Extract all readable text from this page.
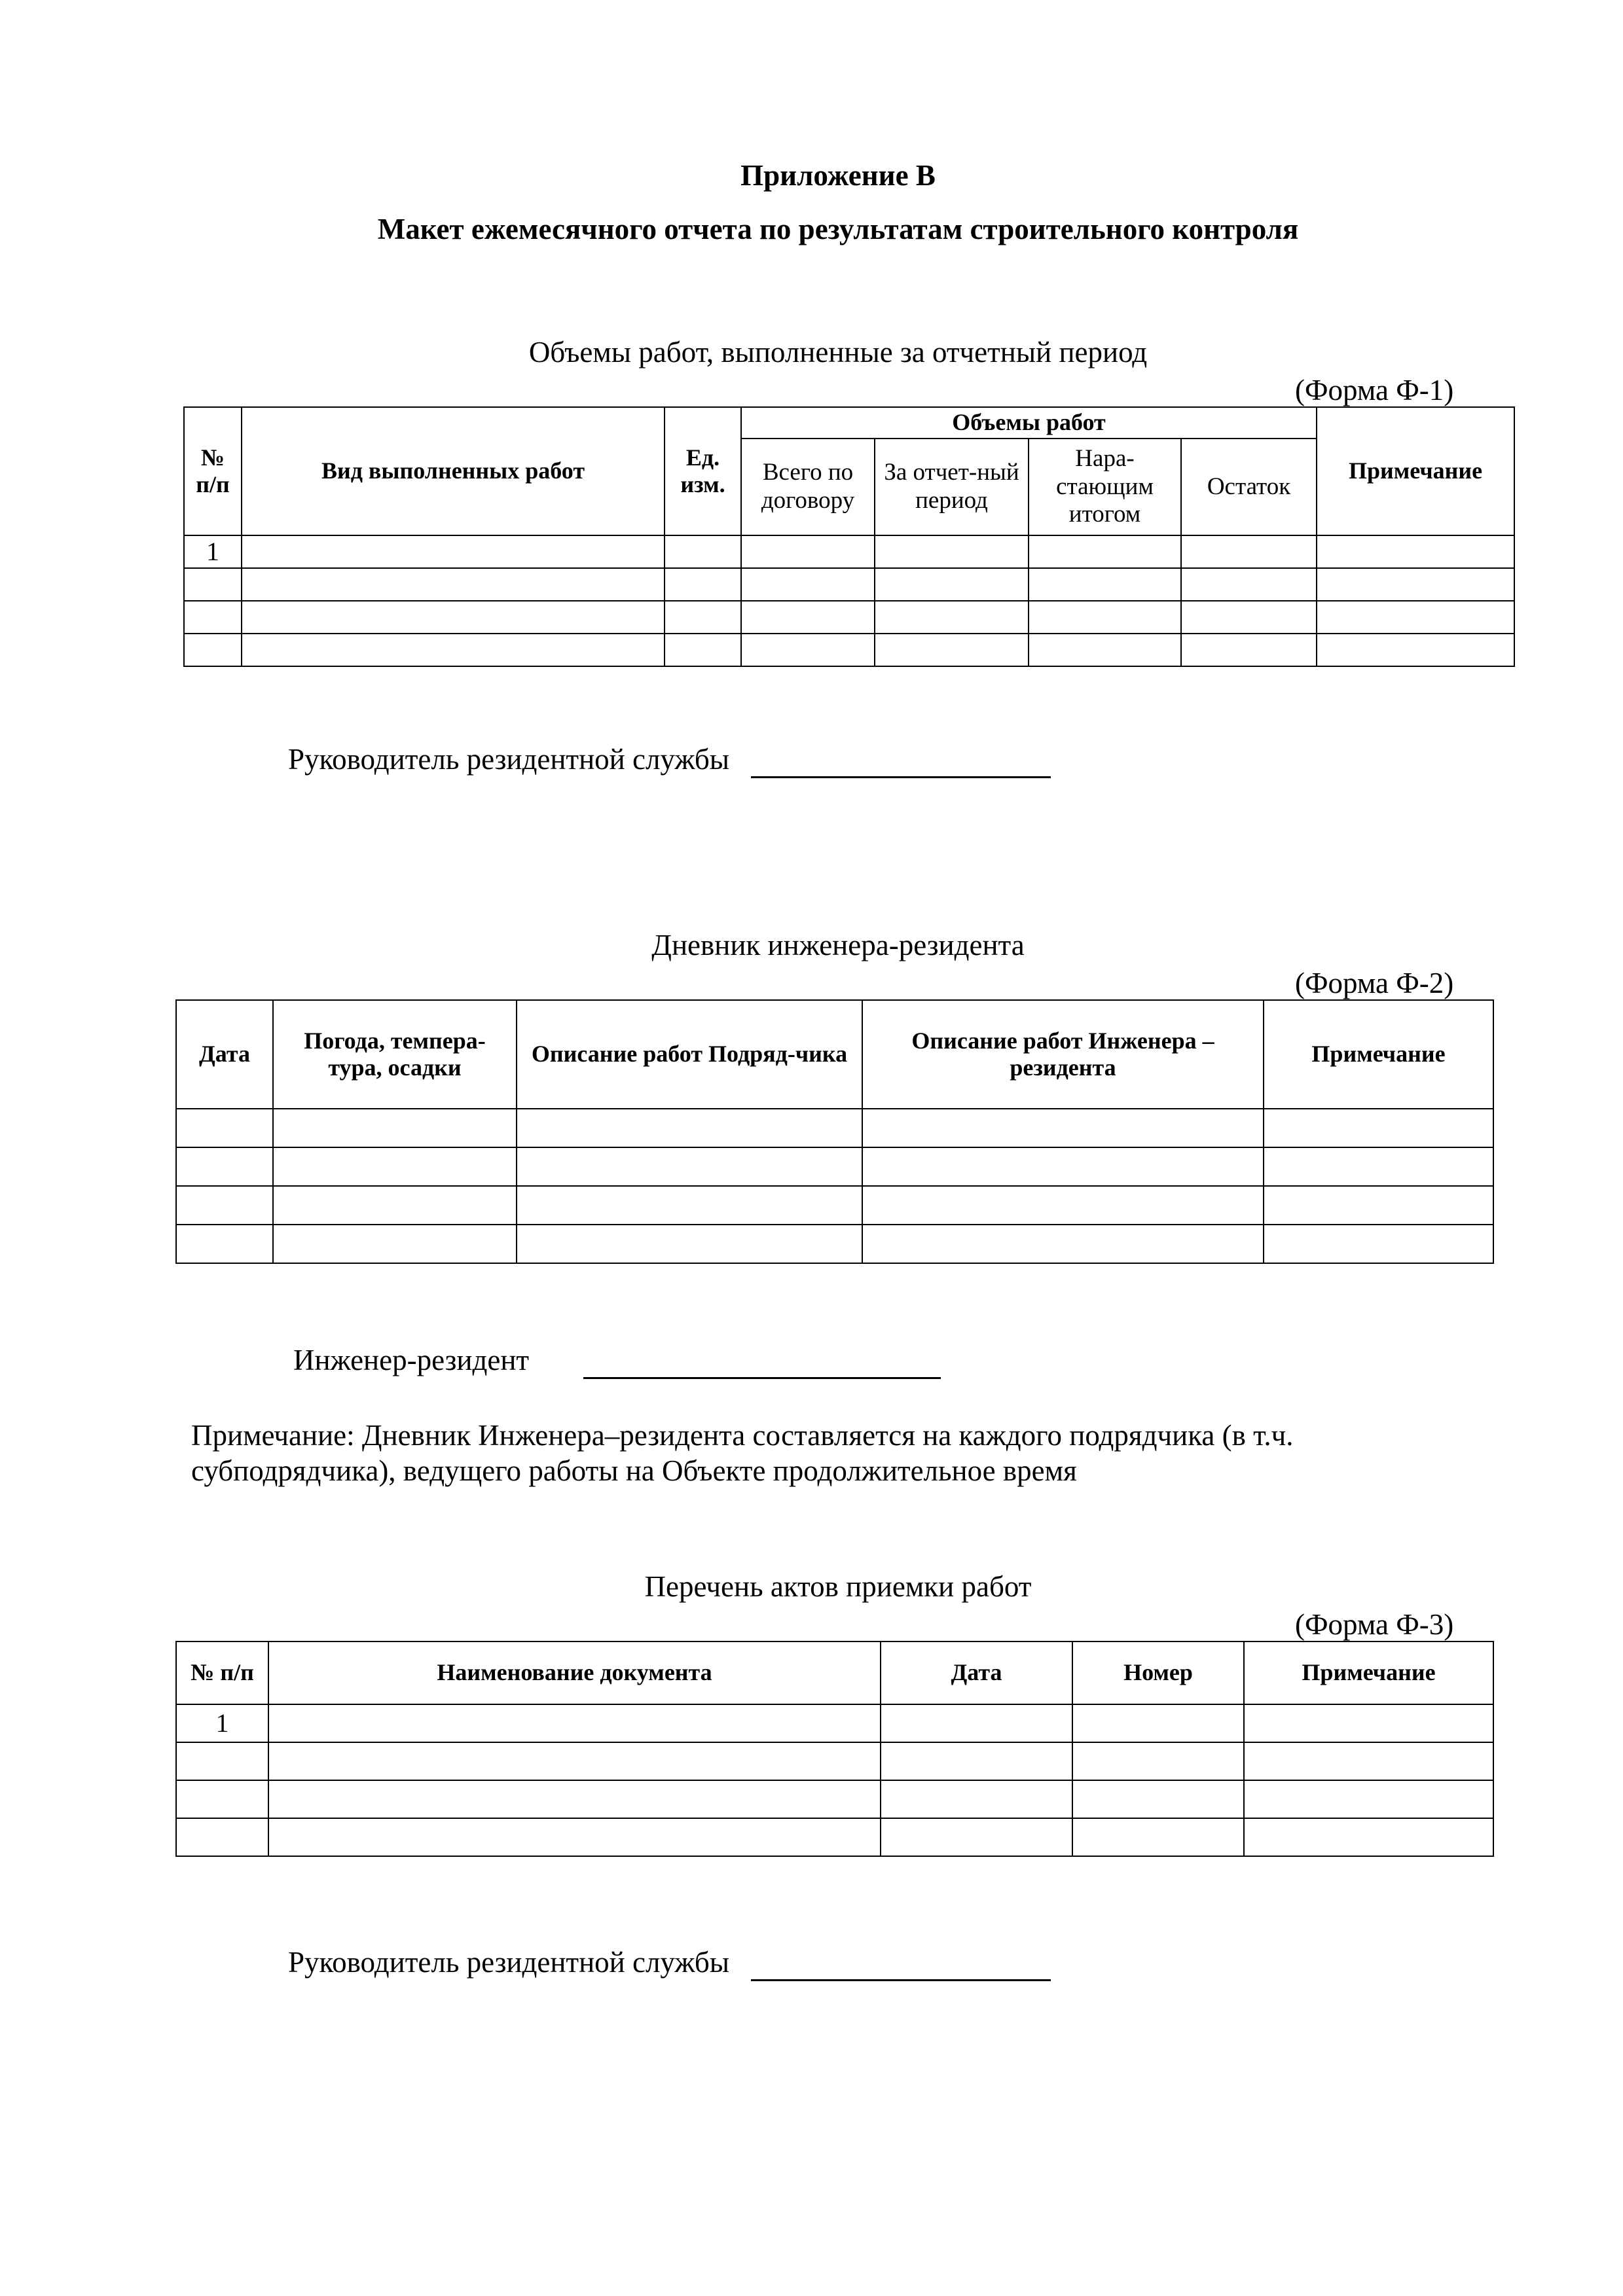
Приложение В
Макет ежемесячного отчета по результатам строительного контроля
Объемы работ, выполненные за отчетный период
(Форма Ф-1)
№ п/п	Вид выполненных работ	Ед. изм.	Объемы работ				Примечание
			Всего по договору	За отчет-ный период	Нара-стающим итогом	Остаток	
1							

Руководитель резидентной службы
Дневник инженера-резидента
(Форма Ф-2)
Дата	Погода, темпера-тура, осадки	Описание работ Подряд-чика	Описание работ Инженера – резидента	Примечание

Инженер-резидент
Примечание: Дневник Инженера–резидента составляется на каждого подрядчика (в т.ч. субподрядчика), ведущего работы на Объекте продолжительное время
Перечень актов приемки работ
(Форма Ф-3)
№ п/п	Наименование документа	Дата	Номер	Примечание
1				

Руководитель резидентной службы
